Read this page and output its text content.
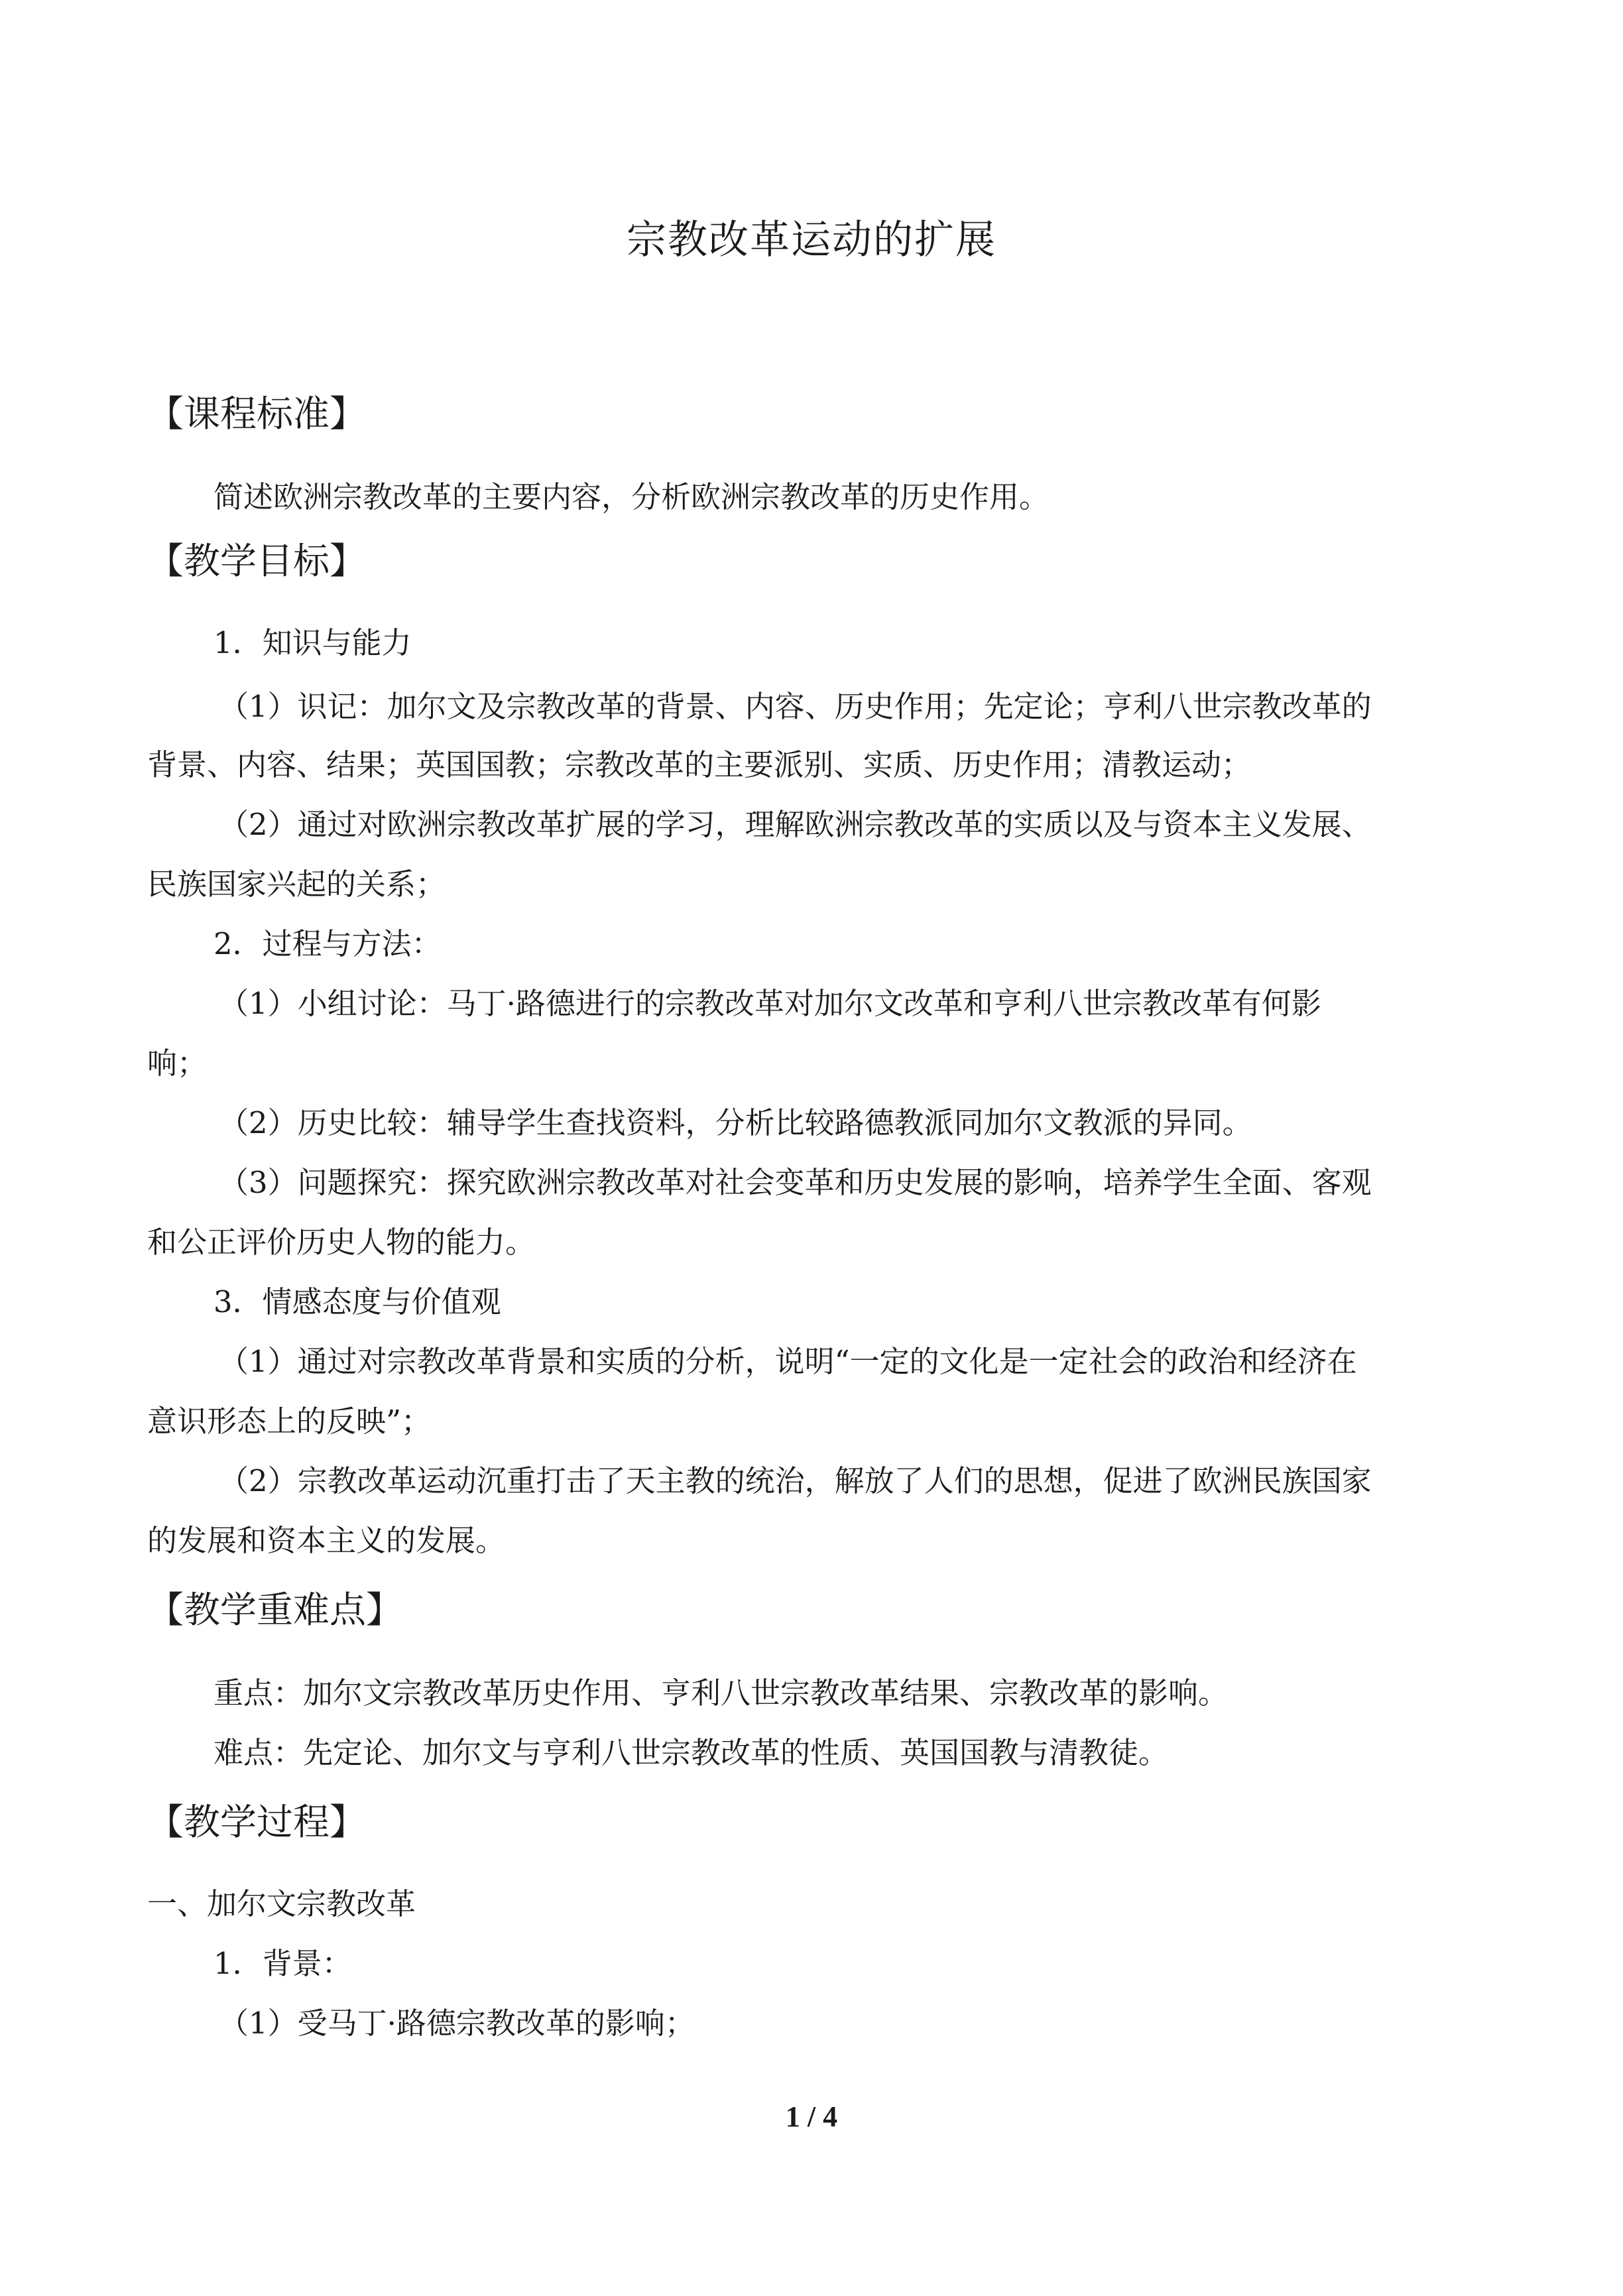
宗教改革运动的扩展
【课程标准】
简述欧洲宗教改革的主要内容，分析欧洲宗教改革的历史作用。
【教学目标】
1．知识与能力
（1）识记：加尔文及宗教改革的背景、内容、历史作用；先定论；亨利八世宗教改革的
背景、内容、结果；英国国教；宗教改革的主要派别、实质、历史作用；清教运动；
（2）通过对欧洲宗教改革扩展的学习，理解欧洲宗教改革的实质以及与资本主义发展、
民族国家兴起的关系；
2．过程与方法：
（1）小组讨论：马丁·路德进行的宗教改革对加尔文改革和亨利八世宗教改革有何影
响；
（2）历史比较：辅导学生查找资料，分析比较路德教派同加尔文教派的异同。
（3）问题探究：探究欧洲宗教改革对社会变革和历史发展的影响，培养学生全面、客观
和公正评价历史人物的能力。
3．情感态度与价值观
（1）通过对宗教改革背景和实质的分析，说明“一定的文化是一定社会的政治和经济在
意识形态上的反映”；
（2）宗教改革运动沉重打击了天主教的统治，解放了人们的思想，促进了欧洲民族国家
的发展和资本主义的发展。
【教学重难点】
重点：加尔文宗教改革历史作用、亨利八世宗教改革结果、宗教改革的影响。
难点：先定论、加尔文与亨利八世宗教改革的性质、英国国教与清教徒。
【教学过程】
一、加尔文宗教改革
1．背景：
（1）受马丁·路德宗教改革的影响；
1 / 4
